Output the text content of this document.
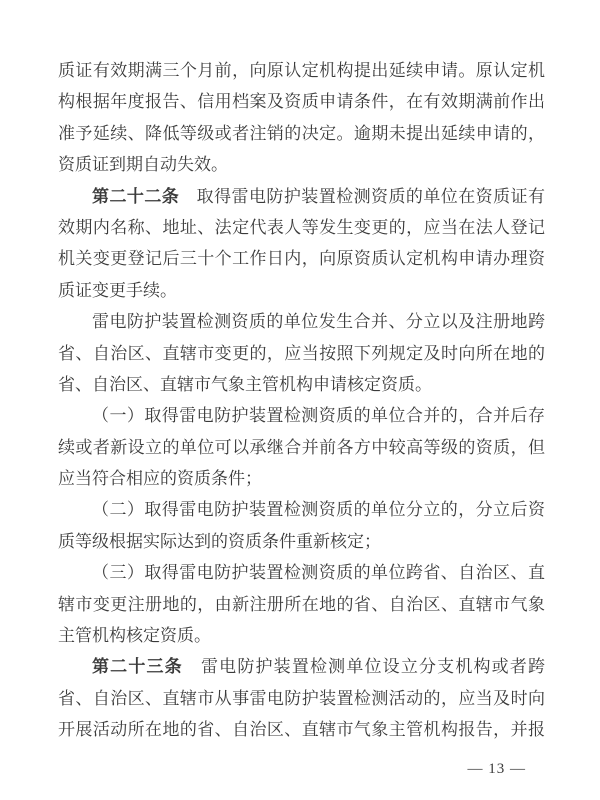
质证有效期满三个月前，向原认定机构提出延续申请。原认定机
构根据年度报告、信用档案及资质申请条件，在有效期满前作出
准予延续、降低等级或者注销的决定。逾期未提出延续申请的，
资质证到期自动失效。
第二十二条　取得雷电防护装置检测资质的单位在资质证有
效期内名称、地址、法定代表人等发生变更的，应当在法人登记
机关变更登记后三十个工作日内，向原资质认定机构申请办理资
质证变更手续。
雷电防护装置检测资质的单位发生合并、分立以及注册地跨
省、自治区、直辖市变更的，应当按照下列规定及时向所在地的
省、自治区、直辖市气象主管机构申请核定资质。
（一）取得雷电防护装置检测资质的单位合并的，合并后存
续或者新设立的单位可以承继合并前各方中较高等级的资质，但
应当符合相应的资质条件；
（二）取得雷电防护装置检测资质的单位分立的，分立后资
质等级根据实际达到的资质条件重新核定；
（三）取得雷电防护装置检测资质的单位跨省、自治区、直
辖市变更注册地的，由新注册所在地的省、自治区、直辖市气象
主管机构核定资质。
第二十三条　雷电防护装置检测单位设立分支机构或者跨
省、自治区、直辖市从事雷电防护装置检测活动的，应当及时向
开展活动所在地的省、自治区、直辖市气象主管机构报告，并报
— 13 —
